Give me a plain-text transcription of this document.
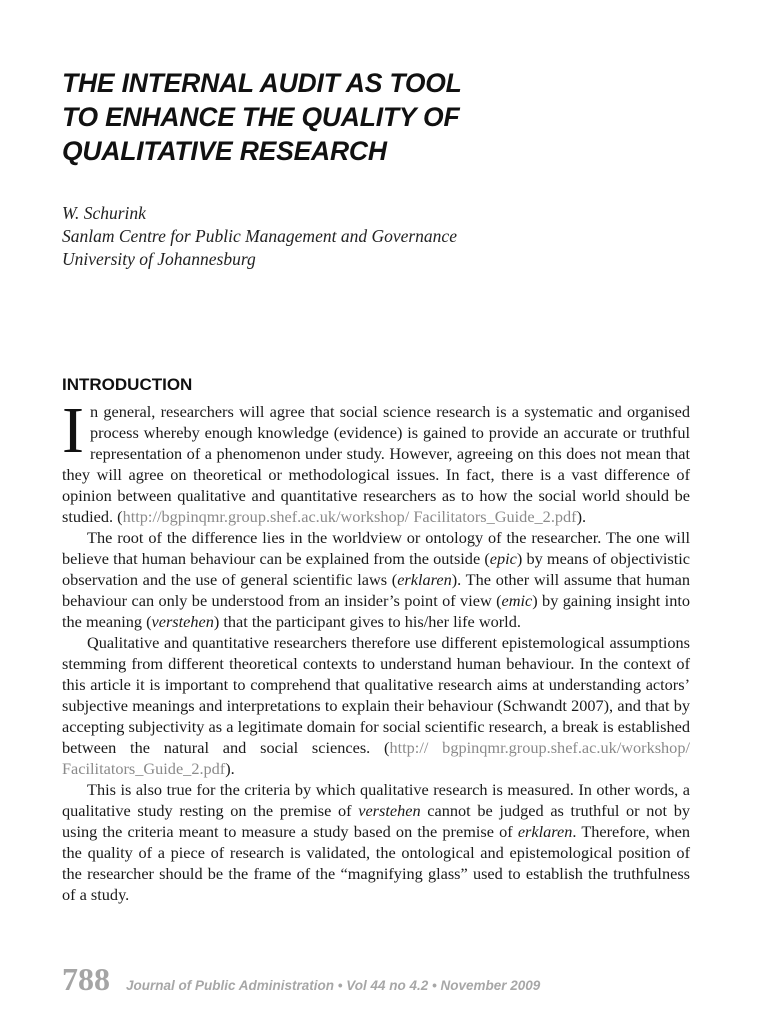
THE INTERNAL AUDIT AS TOOL
TO ENHANCE THE QUALITY OF
QUALITATIVE RESEARCH
W. Schurink
Sanlam Centre for Public Management and Governance
University of Johannesburg
INTRODUCTION

In general, researchers will agree that social science research is a systematic and organised process whereby enough knowledge (evidence) is gained to provide an accurate or truthful representation of a phenomenon under study. However, agreeing on this does not mean that they will agree on theoretical or methodological issues. In fact, there is a vast difference of opinion between qualitative and quantitative researchers as to how the social world should be studied. (http://bgpinqmr.group.shef.ac.uk/workshop/ Facilitators_Guide_2.pdf).

The root of the difference lies in the worldview or ontology of the researcher. The one will believe that human behaviour can be explained from the outside (epic) by means of objectivistic observation and the use of general scientific laws (erklaren). The other will assume that human behaviour can only be understood from an insider’s point of view (emic) by gaining insight into the meaning (verstehen) that the participant gives to his/her life world.

Qualitative and quantitative researchers therefore use different epistemological assumptions stemming from different theoretical contexts to understand human behaviour. In the context of this article it is important to comprehend that qualitative research aims at understanding actors’ subjective meanings and interpretations to explain their behaviour (Schwandt 2007), and that by accepting subjectivity as a legitimate domain for social scientific research, a break is established between the natural and social sciences. (http:// bgpinqmr.group.shef.ac.uk/workshop/ Facilitators_Guide_2.pdf).

This is also true for the criteria by which qualitative research is measured. In other words, a qualitative study resting on the premise of verstehen cannot be judged as truthful or not by using the criteria meant to measure a study based on the premise of erklaren. Therefore, when the quality of a piece of research is validated, the ontological and epistemological position of the researcher should be the frame of the “magnifying glass” used to establish the truthfulness of a study.

788 Journal of Public Administration • Vol 44 no 4.2 • November 2009
